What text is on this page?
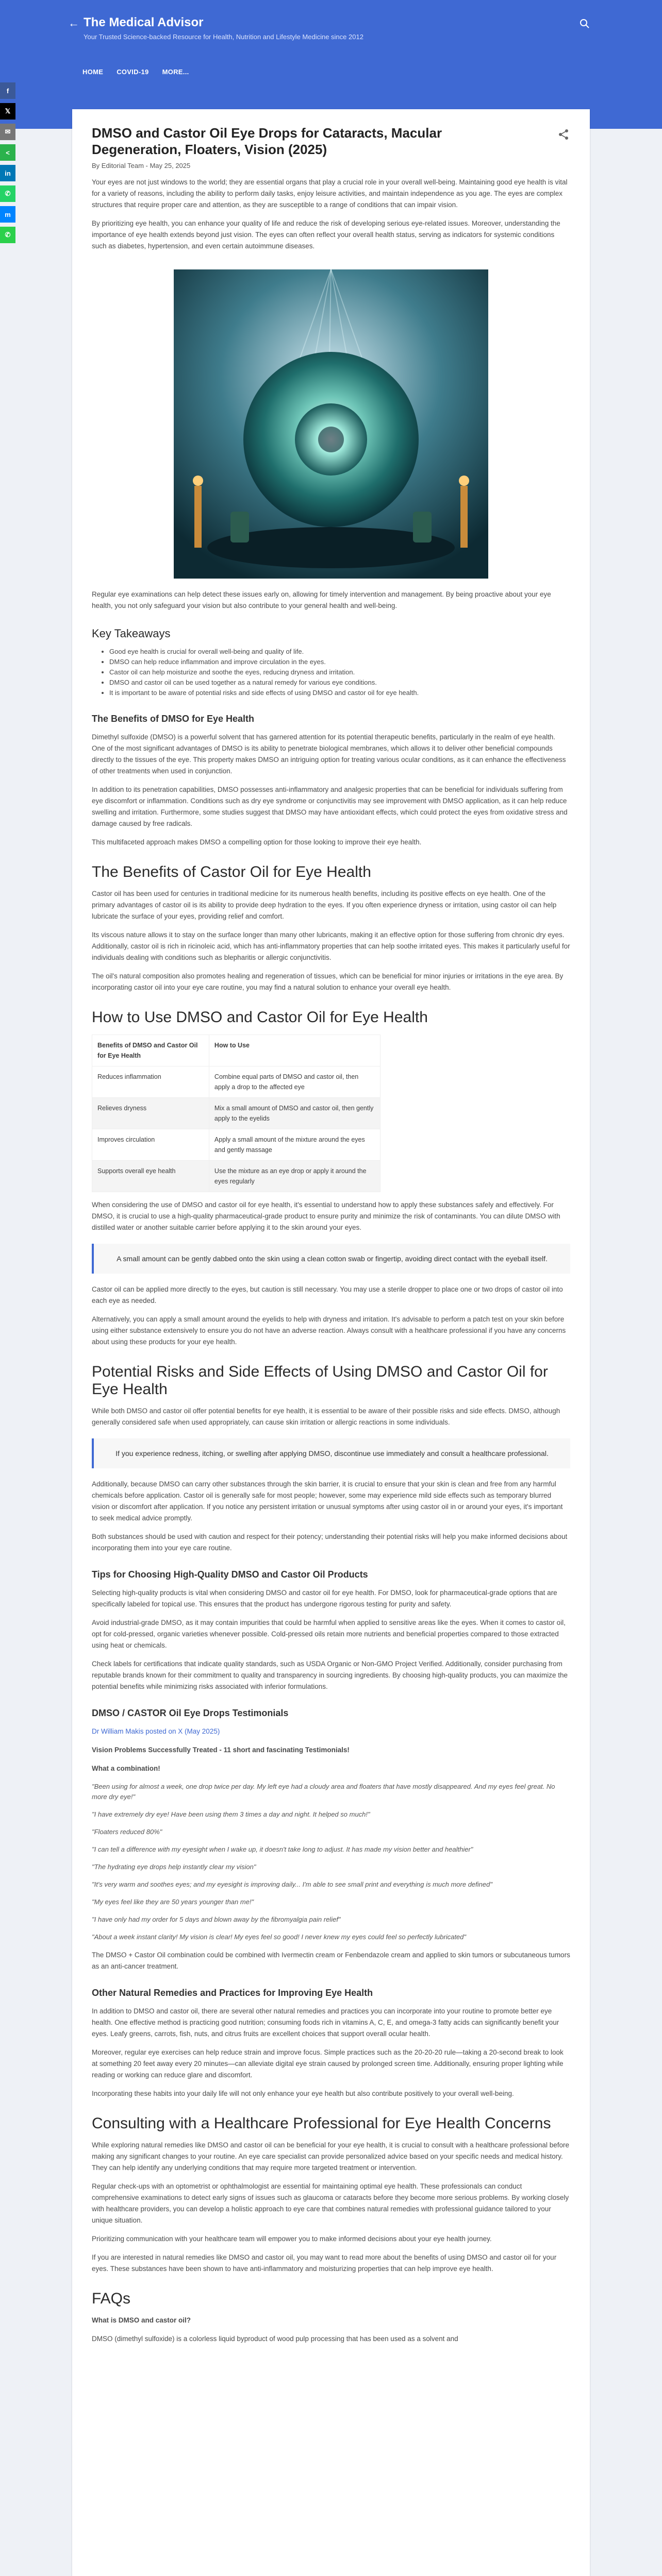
← The Medical Advisor
Your Trusted Science-backed Resource for Health, Nutrition and Lifestyle Medicine since 2012
HOME COVID-19 MORE...
f
𝕏
✉
<
in
✆
m
✆
DMSO and Castor Oil Eye Drops for Cataracts, Macular Degeneration, Floaters, Vision (2025)
By Editorial Team - May 25, 2025

Your eyes are not just windows to the world; they are essential organs that play a crucial role in your overall well-being. Maintaining good eye health is vital for a variety of reasons, including the ability to perform daily tasks, enjoy leisure activities, and maintain independence as you age. The eyes are complex structures that require proper care and attention, as they are susceptible to a range of conditions that can impair vision.

By prioritizing eye health, you can enhance your quality of life and reduce the risk of developing serious eye-related issues. Moreover, understanding the importance of eye health extends beyond just vision. The eyes can often reflect your overall health status, serving as indicators for systemic conditions such as diabetes, hypertension, and even certain autoimmune diseases.

Regular eye examinations can help detect these issues early on, allowing for timely intervention and management. By being proactive about your eye health, you not only safeguard your vision but also contribute to your general health and well-being.

Key Takeaways
• Good eye health is crucial for overall well-being and quality of life.
• DMSO can help reduce inflammation and improve circulation in the eyes.
• Castor oil can help moisturize and soothe the eyes, reducing dryness and irritation.
• DMSO and castor oil can be used together as a natural remedy for various eye conditions.
• It is important to be aware of potential risks and side effects of using DMSO and castor oil for eye health.
The Benefits of DMSO for Eye Health

Dimethyl sulfoxide (DMSO) is a powerful solvent that has garnered attention for its potential therapeutic benefits, particularly in the realm of eye health. One of the most significant advantages of DMSO is its ability to penetrate biological membranes, which allows it to deliver other beneficial compounds directly to the tissues of the eye. This property makes DMSO an intriguing option for treating various ocular conditions, as it can enhance the effectiveness of other treatments when used in conjunction.

In addition to its penetration capabilities, DMSO possesses anti-inflammatory and analgesic properties that can be beneficial for individuals suffering from eye discomfort or inflammation. Conditions such as dry eye syndrome or conjunctivitis may see improvement with DMSO application, as it can help reduce swelling and irritation. Furthermore, some studies suggest that DMSO may have antioxidant effects, which could protect the eyes from oxidative stress and damage caused by free radicals.

This multifaceted approach makes DMSO a compelling option for those looking to improve their eye health.

The Benefits of Castor Oil for Eye Health

Castor oil has been used for centuries in traditional medicine for its numerous health benefits, including its positive effects on eye health. One of the primary advantages of castor oil is its ability to provide deep hydration to the eyes. If you often experience dryness or irritation, using castor oil can help lubricate the surface of your eyes, providing relief and comfort.

Its viscous nature allows it to stay on the surface longer than many other lubricants, making it an effective option for those suffering from chronic dry eyes. Additionally, castor oil is rich in ricinoleic acid, which has anti-inflammatory properties that can help soothe irritated eyes. This makes it particularly useful for individuals dealing with conditions such as blepharitis or allergic conjunctivitis.

The oil's natural composition also promotes healing and regeneration of tissues, which can be beneficial for minor injuries or irritations in the eye area. By incorporating castor oil into your eye care routine, you may find a natural solution to enhance your overall eye health.

How to Use DMSO and Castor Oil for Eye Health
Benefits of DMSO and Castor Oil for Eye Health	How to Use
Reduces inflammation	Combine equal parts of DMSO and castor oil, then apply a drop to the affected eye
Relieves dryness	Mix a small amount of DMSO and castor oil, then gently apply to the eyelids
Improves circulation	Apply a small amount of the mixture around the eyes and gently massage
Supports overall eye health	Use the mixture as an eye drop or apply it around the eyes regularly

When considering the use of DMSO and castor oil for eye health, it's essential to understand how to apply these substances safely and effectively. For DMSO, it is crucial to use a high-quality pharmaceutical-grade product to ensure purity and minimize the risk of contaminants. You can dilute DMSO with distilled water or another suitable carrier before applying it to the skin around your eyes.

A small amount can be gently dabbed onto the skin using a clean cotton swab or fingertip, avoiding direct contact with the eyeball itself.

Castor oil can be applied more directly to the eyes, but caution is still necessary. You may use a sterile dropper to place one or two drops of castor oil into each eye as needed.

Alternatively, you can apply a small amount around the eyelids to help with dryness and irritation. It's advisable to perform a patch test on your skin before using either substance extensively to ensure you do not have an adverse reaction. Always consult with a healthcare professional if you have any concerns about using these products for your eye health.

Potential Risks and Side Effects of Using DMSO and Castor Oil for Eye Health

While both DMSO and castor oil offer potential benefits for eye health, it is essential to be aware of their possible risks and side effects. DMSO, although generally considered safe when used appropriately, can cause skin irritation or allergic reactions in some individuals.

If you experience redness, itching, or swelling after applying DMSO, discontinue use immediately and consult a healthcare professional.

Additionally, because DMSO can carry other substances through the skin barrier, it is crucial to ensure that your skin is clean and free from any harmful chemicals before application. Castor oil is generally safe for most people; however, some may experience mild side effects such as temporary blurred vision or discomfort after application. If you notice any persistent irritation or unusual symptoms after using castor oil in or around your eyes, it's important to seek medical advice promptly.

Both substances should be used with caution and respect for their potency; understanding their potential risks will help you make informed decisions about incorporating them into your eye care routine.

Tips for Choosing High-Quality DMSO and Castor Oil Products

Selecting high-quality products is vital when considering DMSO and castor oil for eye health. For DMSO, look for pharmaceutical-grade options that are specifically labeled for topical use. This ensures that the product has undergone rigorous testing for purity and safety.

Avoid industrial-grade DMSO, as it may contain impurities that could be harmful when applied to sensitive areas like the eyes. When it comes to castor oil, opt for cold-pressed, organic varieties whenever possible. Cold-pressed oils retain more nutrients and beneficial properties compared to those extracted using heat or chemicals.

Check labels for certifications that indicate quality standards, such as USDA Organic or Non-GMO Project Verified. Additionally, consider purchasing from reputable brands known for their commitment to quality and transparency in sourcing ingredients. By choosing high-quality products, you can maximize the potential benefits while minimizing risks associated with inferior formulations.

DMSO / CASTOR Oil Eye Drops Testimonials

Dr William Makis posted on X (May 2025)

Vision Problems Successfully Treated - 11 short and fascinating Testimonials!

What a combination!

"Been using for almost a week, one drop twice per day. My left eye had a cloudy area and floaters that have mostly disappeared. And my eyes feel great. No more dry eye!"

"I have extremely dry eye! Have been using them 3 times a day and night. It helped so much!"

"Floaters reduced 80%"

"I can tell a difference with my eyesight when I wake up, it doesn't take long to adjust. It has made my vision better and healthier"

"The hydrating eye drops help instantly clear my vision"

"It's very warm and soothes eyes; and my eyesight is improving daily... I'm able to see small print and everything is much more defined"

"My eyes feel like they are 50 years younger than me!"

"I have only had my order for 5 days and blown away by the fibromyalgia pain relief"

"About a week instant clarity! My vision is clear! My eyes feel so good! I never knew my eyes could feel so perfectly lubricated"

The DMSO + Castor Oil combination could be combined with Ivermectin cream or Fenbendazole cream and applied to skin tumors or subcutaneous tumors as an anti-cancer treatment.

Other Natural Remedies and Practices for Improving Eye Health

In addition to DMSO and castor oil, there are several other natural remedies and practices you can incorporate into your routine to promote better eye health. One effective method is practicing good nutrition; consuming foods rich in vitamins A, C, E, and omega-3 fatty acids can significantly benefit your eyes. Leafy greens, carrots, fish, nuts, and citrus fruits are excellent choices that support overall ocular health.

Moreover, regular eye exercises can help reduce strain and improve focus. Simple practices such as the 20-20-20 rule—taking a 20-second break to look at something 20 feet away every 20 minutes—can alleviate digital eye strain caused by prolonged screen time. Additionally, ensuring proper lighting while reading or working can reduce glare and discomfort.

Incorporating these habits into your daily life will not only enhance your eye health but also contribute positively to your overall well-being.

Consulting with a Healthcare Professional for Eye Health Concerns

While exploring natural remedies like DMSO and castor oil can be beneficial for your eye health, it is crucial to consult with a healthcare professional before making any significant changes to your routine. An eye care specialist can provide personalized advice based on your specific needs and medical history. They can help identify any underlying conditions that may require more targeted treatment or intervention.

Regular check-ups with an optometrist or ophthalmologist are essential for maintaining optimal eye health. These professionals can conduct comprehensive examinations to detect early signs of issues such as glaucoma or cataracts before they become more serious problems. By working closely with healthcare providers, you can develop a holistic approach to eye care that combines natural remedies with professional guidance tailored to your unique situation.

Prioritizing communication with your healthcare team will empower you to make informed decisions about your eye health journey.

If you are interested in natural remedies like DMSO and castor oil, you may want to read more about the benefits of using DMSO and castor oil for your eyes. These substances have been shown to have anti-inflammatory and moisturizing properties that can help improve eye health.

FAQs

What is DMSO and castor oil?

DMSO (dimethyl sulfoxide) is a colorless liquid byproduct of wood pulp processing that has been used as a solvent and
